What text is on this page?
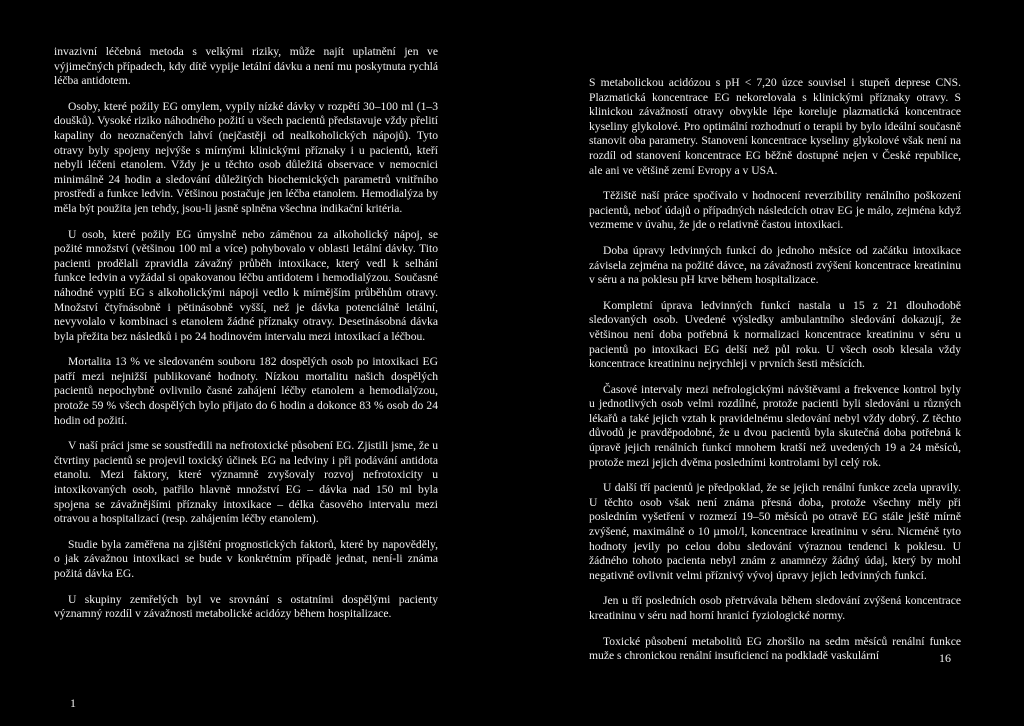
invazivní léčebná metoda s velkými riziky, může najít uplatnění jen ve výjimečných případech, kdy dítě vypije letální dávku a není mu poskytnuta rychlá léčba antidotem.

Osoby, které požily EG omylem, vypily nízké dávky v rozpětí 30–100 ml (1–3 doušků). Vysoké riziko náhodného požití u všech pacientů představuje vždy přelití kapaliny do neoznačených lahví (nejčastěji od nealkoholických nápojů). Tyto otravy byly spojeny nejvýše s mírnými klinickými příznaky i u pacientů, kteří nebyli léčeni etanolem. Vždy je u těchto osob důležitá observace v nemocnici minimálně 24 hodin a sledování důležitých biochemických parametrů vnitřního prostředí a funkce ledvin. Většinou postačuje jen léčba etanolem. Hemodialýza by měla být použita jen tehdy, jsou-li jasně splněna všechna indikační kritéria.

U osob, které požily EG úmyslně nebo záměnou za alkoholický nápoj, se požité množství (většinou 100 ml a více) pohybovalo v oblasti letální dávky. Tito pacienti prodělali zpravidla závažný průběh intoxikace, který vedl k selhání funkce ledvin a vyžádal si opakovanou léčbu antidotem i hemodialýzou. Současné náhodné vypití EG s alkoholickými nápoji vedlo k mírnějším průběhům otravy. Množství čtyřnásobně i pětinásobně vyšší, než je dávka potenciálně letální, nevyvolalo v kombinaci s etanolem žádné příznaky otravy. Desetinásobná dávka byla přežita bez následků i po 24 hodinovém intervalu mezi intoxikací a léčbou.

Mortalita 13 % ve sledovaném souboru 182 dospělých osob po intoxikaci EG patří mezi nejnižší publikované hodnoty. Nízkou mortalitu našich dospělých pacientů nepochybně ovlivnilo časné zahájení léčby etanolem a hemodialýzou, protože 59 % všech dospělých bylo přijato do 6 hodin a dokonce 83 % osob do 24 hodin od požití.

V naší práci jsme se soustředili na nefrotoxické působení EG. Zjistili jsme, že u čtvrtiny pacientů se projevil toxický účinek EG na ledviny i při podávání antidota etanolu. Mezi faktory, které významně zvyšovaly rozvoj nefrotoxicity u intoxikovaných osob, patřilo hlavně množství EG – dávka nad 150 ml byla spojena se závažnějšími příznaky intoxikace – délka časového intervalu mezi otravou a hospitalizací (resp. zahájením léčby etanolem).

Studie byla zaměřena na zjištění prognostických faktorů, které by napověděly, o jak závažnou intoxikaci se bude v konkrétním případě jednat, není-li známa požitá dávka EG.

U skupiny zemřelých byl ve srovnání s ostatními dospělými pacienty významný rozdíl v závažnosti metabolické acidózy během hospitalizace.

1

S metabolickou acidózou s pH < 7,20 úzce souvisel i stupeň deprese CNS. Plazmatická koncentrace EG nekorelovala s klinickými příznaky otravy. S klinickou závažností otravy obvykle lépe koreluje plazmatická koncentrace kyseliny glykolové. Pro optimální rozhodnutí o terapii by bylo ideální současně stanovit oba parametry. Stanovení koncentrace kyseliny glykolové však není na rozdíl od stanovení koncentrace EG běžně dostupné nejen v České republice, ale ani ve většině zemí Evropy a v USA.

Těžiště naší práce spočívalo v hodnocení reverzibility renálního poškození pacientů, neboť údajů o případných následcích otrav EG je málo, zejména když vezmeme v úvahu, že jde o relativně častou intoxikaci.

Doba úpravy ledvinných funkcí do jednoho měsíce od začátku intoxikace závisela zejména na požité dávce, na závažnosti zvýšení koncentrace kreatininu v séru a na poklesu pH krve během hospitalizace.

Kompletní úprava ledvinných funkcí nastala u 15 z 21 dlouhodobě sledovaných osob. Uvedené výsledky ambulantního sledování dokazují, že většinou není doba potřebná k normalizaci koncentrace kreatininu v séru u pacientů po intoxikaci EG delší než půl roku. U všech osob klesala vždy koncentrace kreatininu nejrychleji v prvních šesti měsících.

Časové intervaly mezi nefrologickými návštěvami a frekvence kontrol byly u jednotlivých osob velmi rozdílné, protože pacienti byli sledováni u různých lékařů a také jejich vztah k pravidelnému sledování nebyl vždy dobrý. Z těchto důvodů je pravděpodobné, že u dvou pacientů byla skutečná doba potřebná k úpravě jejich renálních funkcí mnohem kratší než uvedených 19 a 24 měsíců, protože mezi jejich dvěma posledními kontrolami byl celý rok.

U další tří pacientů je předpoklad, že se jejich renální funkce zcela upravily. U těchto osob však není známa přesná doba, protože všechny měly při posledním vyšetření v rozmezí 19–50 měsíců po otravě EG stále ještě mírně zvýšené, maximálně o 10 µmol/l, koncentrace kreatininu v séru. Nicméně tyto hodnoty jevily po celou dobu sledování výraznou tendenci k poklesu. U žádného tohoto pacienta nebyl znám z anamnézy žádný údaj, který by mohl negativně ovlivnit velmi příznivý vývoj úpravy jejich ledvinných funkcí.

Jen u tří posledních osob přetrvávala během sledování zvýšená koncentrace kreatininu v séru nad horní hranicí fyziologické normy.

Toxické působení metabolitů EG zhoršilo na sedm měsíců renální funkce muže s chronickou renální insuficiencí na podkladě vaskulární	16
